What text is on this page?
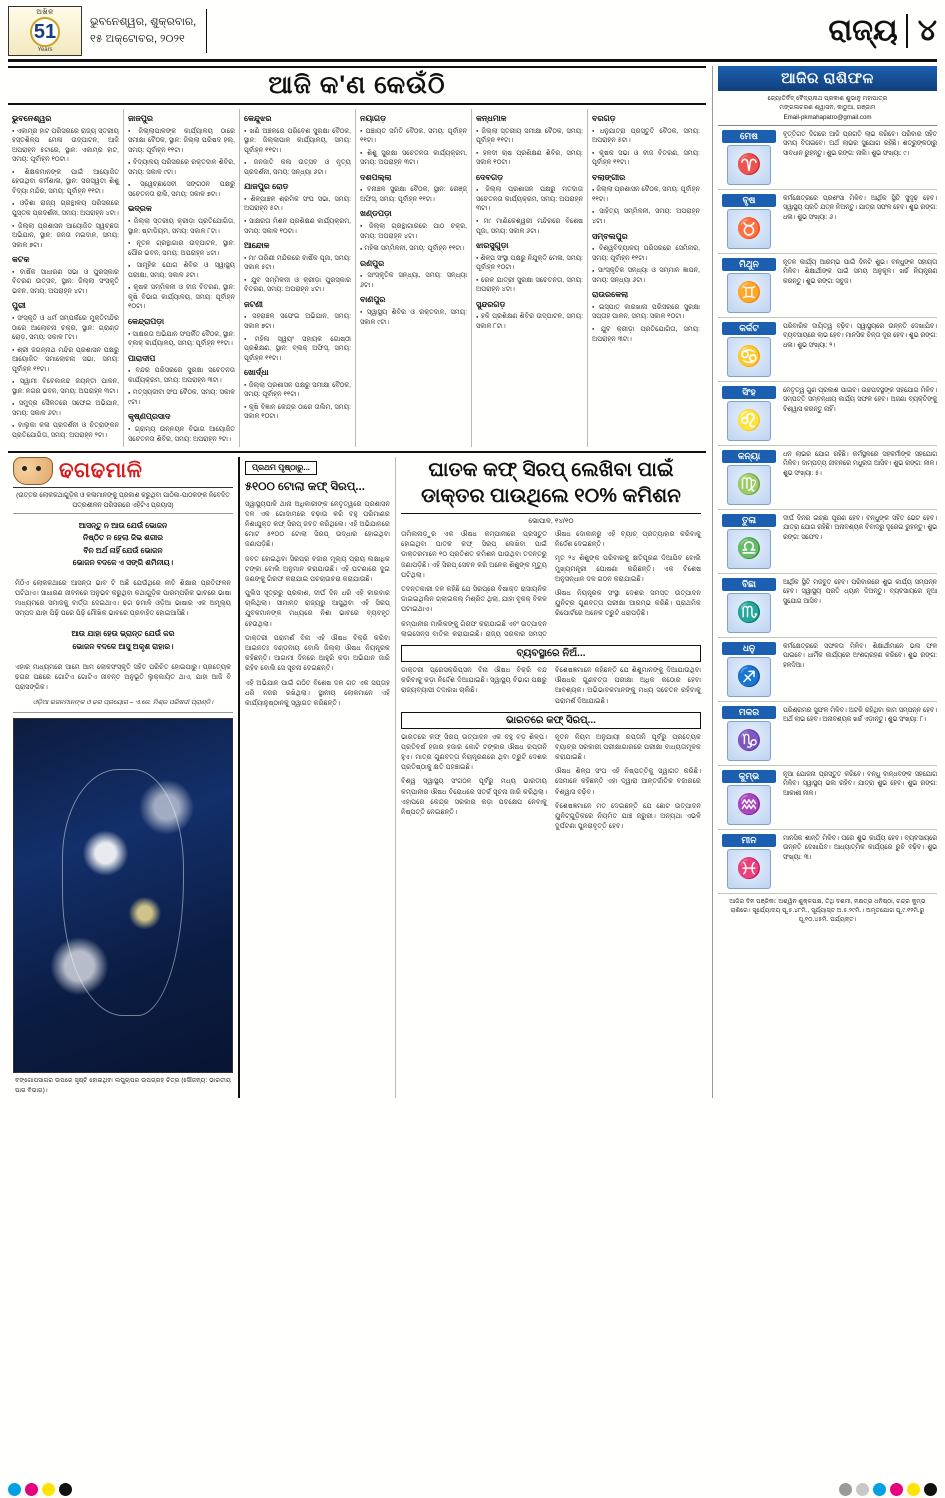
ଅଖିଳ
51
Years
ଭୁବନେଶ୍ୱର, ଶୁକ୍ରବାର,
୧୫ ଅକ୍ଟୋବର, ୨୦୨୧	ରାଜ୍ୟ ୪
ଆଜି କ'ଣ କେଉଁଠି
ଭୁବନେଶ୍ୱର
● ଏକାମ୍ର ହାଟ ପରିସରରେ ରାଜ୍ୟ ସ୍ତରୀୟ ହସ୍ତଶିଳ୍ପ ମେଳା ଉଦ୍‌ଘାଟନ, ଆଜି ଅପରାହ୍ନ ୫ଟାରେ, ସ୍ଥାନ: ଏକାମ୍ର ହାଟ, ସମୟ: ପୂର୍ବାହ୍ନ ୧୦ଟା।
● ଶିକ୍ଷକମାନଙ୍କ ପାଇଁ ଆୟୋଜିତ ହେଉଥିବା କର୍ମଶାଳା, ସ୍ଥାନ: ସରସ୍ୱତୀ ଶିଶୁ ବିଦ୍ୟା ମନ୍ଦିର, ସମୟ: ପୂର୍ବାହ୍ନ ୧୧ଟା।
● ଓଡ଼ିଶା ରାଜ୍ୟ ଗ୍ରନ୍ଥାଳୟ ପରିସରରେ ପୁସ୍ତକ ପ୍ରଦର୍ଶନୀ, ସମୟ: ଅପରାହ୍ନ ୪ଟା।
● ଜିଲ୍ଲା ପ୍ରଶାସନ ଆୟୋଜିତ ସ୍ୱଚ୍ଛତା ଅଭିଯାନ, ସ୍ଥାନ: ଜନତା ମଇଦାନ, ସମୟ: ସକାଳ ୭ଟା।
କଟକ
● ବାର୍ଷିକ ସାଧାରଣ ସଭା ଓ ପୁରସ୍କାର ବିତରଣ ଉତ୍ସବ, ସ୍ଥାନ: ଜିଲ୍ଲା ସଂସ୍କୃତି ଭବନ, ସମୟ: ଅପରାହ୍ନ ୪ଟା।
ପୁରୀ
● ସଂସ୍କୃତି ଓ ଧର୍ମ ସମ୍ପର୍କରେ ମୁକ୍ତିମନ୍ଦିର ଠାରେ ଆଲୋଚନା ଚକ୍ର, ସ୍ଥାନ: ଗ୍ରାଣ୍ଡ ରୋଡ଼, ସମୟ: ସକାଳ ୮ଟା।
● ଶ୍ରୀ ଜଗନ୍ନାଥ ମନ୍ଦିର ପ୍ରଶାସନ ପକ୍ଷରୁ ଆୟୋଜିତ ସମାଲୋଚନା ସଭା, ସମୟ: ପୂର୍ବାହ୍ନ ୧୧ଟା।
● ସ୍ୱାମୀ ବିବେକାନନ୍ଦ ଜୟନ୍ତୀ ପାଳନ, ସ୍ଥାନ: ନଗର ଭବନ, ସମୟ: ଅପରାହ୍ନ ୩ଟା।
● ସମୁଦ୍ର ସୈକତରେ ସଫେଇ ଅଭିଯାନ, ସମୟ: ସକାଳ ୬ଟା।
● ବାଲୁକା କଳା ପ୍ରଦର୍ଶନୀ ଓ ଚିତ୍ରାଙ୍କନ ପ୍ରତିଯୋଗିତା, ସମୟ: ଅପରାହ୍ନ ୨ଟା।
ଜାଜପୁର
● ଜିଲ୍ଲାପାଳଙ୍କ କାର୍ଯ୍ୟାଳୟ ଠାରେ ସମୀକ୍ଷା ବୈଠକ, ସ୍ଥାନ: ଜିଲ୍ଲା ପରିଷଦ ହଲ୍‌, ସମୟ: ପୂର୍ବାହ୍ନ ୧୧ଟା।
● ବିଦ୍ୟାଳୟ ପରିସରରେ ରକ୍ତଦାନ ଶିବିର, ସମୟ: ସକାଳ ୯ଟା।
● ସ୍ୱେଚ୍ଛାସେବୀ ସଙ୍ଗଠନ ପକ୍ଷରୁ ସଚେତନତା ରାଲି, ସମୟ: ସକାଳ ୭ଟା।
ଭଦ୍ରକ
● ଜିଲ୍ଲା ସ୍ତରୀୟ କ୍ରୀଡ଼ା ପ୍ରତିଯୋଗିତା, ସ୍ଥାନ: ଷ୍ଟାଡିୟମ, ସମୟ: ସକାଳ ୮ଟା।
● ନୂତନ ଗ୍ରନ୍ଥାଗାର ଉଦ୍‌ଘାଟନ, ସ୍ଥାନ: ପୌର ଭବନ, ସମୟ: ଅପରାହ୍ନ ୪ଟା।
● ସାମୂହିକ ଯୋଗ ଶିବିର ଓ ସ୍ୱାସ୍ଥ୍ୟ ପରୀକ୍ଷା, ସମୟ: ସକାଳ ୬ଟା।
● କୃଷକ ସମ୍ମିଳନୀ ଓ ବୀଜ ବିତରଣ, ସ୍ଥାନ: କୃଷି ବିଭାଗ କାର୍ଯ୍ୟାଳୟ, ସମୟ: ପୂର୍ବାହ୍ନ ୧୦ଟା।
କେନ୍ଦ୍ରାପଡ଼ା
● ସାକ୍ଷରତା ଅଭିଯାନ ସଂପର୍କିତ ବୈଠକ, ସ୍ଥାନ: ବ୍ଲକ୍‌ କାର୍ଯ୍ୟାଳୟ, ସମୟ: ପୂର୍ବାହ୍ନ ୧୧ଟା।
ପାରାଦୀପ
● ବନ୍ଦର ପରିସରରେ ସୁରକ୍ଷା ସଚେତନତା କାର୍ଯ୍ୟକ୍ରମ, ସମୟ: ଅପରାହ୍ନ ୩ଟା।
● ମତ୍ସ୍ୟଜୀବୀ ସଂଘ ବୈଠକ, ସମୟ: ସକାଳ ୯ଟା।
କୃଷ୍ଣପ୍ରସାଦ
● ଗ୍ରାମ୍ୟ ଉନ୍ନୟନ ବିଭାଗ ଆୟୋଜିତ ସଚେତନତା ଶିବିର, ସମୟ: ଅପରାହ୍ନ ୨ଟା।
କେନ୍ଦୁଝର
● ଖଣି ଅଞ୍ଚଳରେ ପରିବେଶ ସୁରକ୍ଷା ବୈଠକ, ସ୍ଥାନ: ଜିଲ୍ଲାପାଳ କାର୍ଯ୍ୟାଳୟ, ସମୟ: ପୂର୍ବାହ୍ନ ୧୧ଟା।
● ଜନଜାତି କଳା ଉତ୍ସବ ଓ ନୃତ୍ୟ ପ୍ରଦର୍ଶନୀ, ସମୟ: ସନ୍ଧ୍ୟା ୬ଟା।
ଯାଜପୁର ରୋଡ଼
● ଶିଳ୍ପାଞ୍ଚଳ ଶ୍ରମିକ ସଂଘ ସଭା, ସମୟ: ଅପରାହ୍ନ ୫ଟା।
● ସାକ୍ଷରତା ମିଶନ ପ୍ରଶିକ୍ଷଣ କାର୍ଯ୍ୟକ୍ରମ, ସମୟ: ସକାଳ ୧୦ଟା।
ଆନ୍ଦୋଳ
● ମା' ତାରିଣୀ ମନ୍ଦିରରେ ବାର୍ଷିକ ପୂଜା, ସମୟ: ସକାଳ ୫ଟା।
● ଯୁବ ସମ୍ମିଳନୀ ଓ କ୍ରୀଡ଼ା ପୁରସ୍କାର ବିତରଣ, ସମୟ: ଅପରାହ୍ନ ୪ଟା।
ଜଟଣୀ
● ସହରାଞ୍ଚଳ ସଫେଇ ଅଭିଯାନ, ସମୟ: ସକାଳ ୭ଟା।
● ମହିଳା ସ୍ୱୟଂ ସହାୟକ ଗୋଷ୍ଠୀ ପ୍ରଶିକ୍ଷଣ, ସ୍ଥାନ: ବ୍ଲକ୍‌ ଅଫିସ୍‌, ସମୟ: ପୂର୍ବାହ୍ନ ୧୧ଟା।
ଖୋର୍ଦ୍ଧା
● ଜିଲ୍ଲା ପ୍ରଶାସନ ପକ୍ଷରୁ ସମୀକ୍ଷା ବୈଠକ, ସମୟ: ପୂର୍ବାହ୍ନ ୧୧ଟା।
● କୃଷି ବିଜ୍ଞାନ କେନ୍ଦ୍ର ଠାରେ ତାଲିମ, ସମୟ: ସକାଳ ୧୦ଟା।
ନୟାଗଡ଼
● ପଞ୍ଚାୟତ ସମିତି ବୈଠକ, ସମୟ: ପୂର୍ବାହ୍ନ ୧୧ଟା।
● ଶିଶୁ ସୁରକ୍ଷା ସଚେତନତା କାର୍ଯ୍ୟକ୍ରମ, ସମୟ: ଅପରାହ୍ନ ୩ଟା।
ଦଶପଲ୍ଲା
● ବନାଞ୍ଚଳ ସୁରକ୍ଷା ବୈଠକ, ସ୍ଥାନ: ରେଞ୍ଜ୍‌ ଅଫିସ୍‌, ସମୟ: ପୂର୍ବାହ୍ନ ୧୧ଟା।
ଖଣ୍ଡପଡ଼ା
● ଜିଲ୍ଲା ଗ୍ରନ୍ଥାଗାରରେ ପାଠ ଚକ୍ର, ସମୟ: ଅପରାହ୍ନ ୪ଟା।
● ମହିଳା ସମ୍ମିଳନୀ, ସମୟ: ପୂର୍ବାହ୍ନ ୧୧ଟା।
ରଣପୁର
● ସାଂସ୍କୃତିକ ସନ୍ଧ୍ୟା, ସମୟ: ସନ୍ଧ୍ୟା ୬ଟା।
ବାଣପୁର
● ସ୍ୱାସ୍ଥ୍ୟ ଶିବିର ଓ ରକ୍ତଦାନ, ସମୟ: ସକାଳ ୯ଟା।
କନ୍ଧମାଳ
● ଜିଲ୍ଲା ସ୍ତରୀୟ ସମୀକ୍ଷା ବୈଠକ, ସମୟ: ପୂର୍ବାହ୍ନ ୧୧ଟା।
● ହଳଦୀ ଚାଷ ପ୍ରଶିକ୍ଷଣ ଶିବିର, ସମୟ: ସକାଳ ୧୦ଟା।
ଦେବଗଡ଼
● ଜିଲ୍ଲା ପ୍ରଶାସନ ପକ୍ଷରୁ ମତଦାତା ସଚେତନତା କାର୍ଯ୍ୟକ୍ରମ, ସମୟ: ଅପରାହ୍ନ ୩ଟା।
● ମା' ମାଣିକେଶ୍ୱରୀ ମନ୍ଦିରରେ ବିଶେଷ ପୂଜା, ସମୟ: ସକାଳ ୬ଟା।
ଝାରସୁଗୁଡ଼ା
● ଶିଳ୍ପ ସଂସ୍ଥା ପକ୍ଷରୁ ନିଯୁକ୍ତି ମେଳା, ସମୟ: ପୂର୍ବାହ୍ନ ୧୦ଟା।
● ରେଳ ଯାତ୍ରୀ ସୁରକ୍ଷା ସଚେତନତା, ସମୟ: ଅପରାହ୍ନ ୪ଟା।
ସୁନ୍ଦରଗଡ଼
● ହକି ପ୍ରଶିକ୍ଷଣ ଶିବିର ଉଦ୍‌ଘାଟନ, ସମୟ: ସକାଳ ୮ଟା।
ବରଗଡ଼
● ଧନୁଯାତ୍ରା ପ୍ରସ୍ତୁତି ବୈଠକ, ସମୟ: ଅପରାହ୍ନ ୫ଟା।
● କୃଷକ ସଭା ଓ ବୀଜ ବିତରଣ, ସମୟ: ପୂର୍ବାହ୍ନ ୧୧ଟା।
ବଲାଙ୍ଗୀର
● ଜିଲ୍ଲା ପ୍ରଶାସନ ବୈଠକ, ସମୟ: ପୂର୍ବାହ୍ନ ୧୧ଟା।
● ସାହିତ୍ୟ ସମ୍ମିଳନୀ, ସମୟ: ଅପରାହ୍ନ ୪ଟା।
ସମ୍ବଲପୁର
● ବିଶ୍ୱବିଦ୍ୟାଳୟ ପରିସରରେ ସେମିନାର, ସମୟ: ପୂର୍ବାହ୍ନ ୧୧ଟା।
● ସାଂସ୍କୃତିକ ସନ୍ଧ୍ୟା ଓ ସମ୍ମାନ ଜ୍ଞାପନ, ସମୟ: ସନ୍ଧ୍ୟା ୬ଟା।
ରାଉରକେଲା
● ଇସ୍ପାତ କାରଖାନା ପରିସରରେ ସୁରକ୍ଷା ସପ୍ତାହ ପାଳନ, ସମୟ: ସକାଳ ୧୦ଟା।
● ଯୁବ କ୍ରୀଡ଼ା ପ୍ରତିଯୋଗିତା, ସମୟ: ଅପରାହ୍ନ ୩ଟା।
ଢଗଢମାଳି
(ଉତ୍ତର ଲୋକକଥାଗୁଡ଼ିକ ଓ କଳାମାନଙ୍କୁ ପ୍ରକାଶ କରୁଥିବା ପାଠିକା-ପାଠକଙ୍କ ନିବେଦିତ ପତ୍ରଶୀଳନ ପରିସରରେ ଏହିଟିଏ ପ୍ରୟାସ)
ଆସନ୍ତୁ ନ ଆଉ ଯେଉଁ ଭୋଜନ
ନିଷ୍ଠିତ ନ ହେଲା ଜିଭ ଶରୀର
ବିନ ଅର୍ଥ ନାହିଁ ଯେଉଁ ଭୋଜନ
ଭୋଜନ ବଦଳେ ଏ ସଙ୍ଗି ଶମିନୀୟ।
ମିଠିଏ ଲୋକକଥାରେ ଆସନ୍ତା ଭାବ ଟି ଅଛି ଯେଉଁଥିରେ ନୀତି ଶିକ୍ଷାର ପ୍ରତିଫଳନ ଘଟିଥାଏ। ସାଧାରଣ ଜୀବନରେ ଅନୁଭବ କରୁଥିବା କଥାଗୁଡ଼ିକ ପାରମ୍ପରିକ ଭାବରେ ଭାଷା ମାଧ୍ୟମରେ ସମାଜକୁ ବାର୍ତ୍ତା ଦେଇଥାଏ। ଢଗ ଢମାଳି ଓଡ଼ିଆ ଭାଷାର ଏକ ଅମୂଲ୍ୟ ସମ୍ପଦ ଯାହା ପିଢ଼ି ପରେ ପିଢ଼ି ମୌଖିକ ଭାବରେ ପ୍ରବାହିତ ହୋଇଆସିଛି।
ଆଉ ଯାହା ହେଉ ଭ୍ରାନ୍ତ ଯେଉଁ କର
ଭୋଜନ ବଦଳେ ଆସୁ ଅକୃଶ ରାହାର।
ଏହାର ମାଧ୍ୟମରେ ଆମେ ଆମ ଲୋକସଂସ୍କୃତି ସହିତ ପରିଚିତ ହୋଇପାରୁ। ପ୍ରତ୍ୟେକ ଢଗର ପଛରେ ଗୋଟିଏ ଗୋଟିଏ ଜୀବନ୍ତ ଅନୁଭୂତି ଲୁକ୍କାୟିତ ଥାଏ, ଯାହା ଆଜି ବି ପ୍ରାସଙ୍ଗିକ।
ଓଡ଼ିଆ ଭଜନମାନଙ୍କ ଓ ଢଗ ପ୍ରୟୋଗ – ଏ.କେ. ମିଶ୍ର ପରିଷଦୀ ପ୍ରାଣ୍ଡି।
ବଙ୍ଗୋପସାଗର ଉପରେ ସୃଷ୍ଟି ହୋଇଥିବା ଲଘୁଚାପର ଉପଗ୍ରହ ଚିତ୍ର (ସୌଜନ୍ୟ: ଭାରତୀୟ ପାଗ ବିଭାଗ)।
ପ୍ରଥମ ପୃଷ୍ଠାରୁ...
୫୧୦୦ ଟୋଲା କଫ୍‌ ସିରପ୍‌...

ସ୍ୱାସ୍ଥ୍ୟପାଳି ଥାନା ଅଧିକାରୀଙ୍କ ନେତୃତ୍ୱରେ ପ୍ରଶାସନ ଦଳ ଏକ ଗୋଦାମରେ ଚଢ଼ାଉ କରି ବହୁ ପରିମାଣର ନିଶାଯୁକ୍ତ କଫ୍‌ ସିରପ୍‌ ଜବତ କରିଥିଲେ। ଏହି ଅଭିଯାନରେ ମୋଟ ୫୧୦୦ ଟୋଲା ସିରପ୍‌ ଉଦ୍ଧାର ହୋଇଥିବା ଜଣାପଡ଼ିଛି।

ଜବତ ହୋଇଥିବା ସିରପ୍‌ର ବଜାର ମୂଲ୍ୟ ପ୍ରାୟ ଲକ୍ଷାଧିକ ଟଙ୍କା ବୋଲି ଅନୁମାନ କରାଯାଉଛି। ଏହି ଘଟଣାରେ ଦୁଇ ଜଣଙ୍କୁ ଗିରଫ କରାଯାଇ ପଚରାଉଚରା କରାଯାଉଛି।

ପୁଲିସ ସୂତ୍ରରୁ ପ୍ରକାଶ, ଦୀର୍ଘ ଦିନ ଧରି ଏହି କାରବାର ଚାଲିଥିଲା। ସୀମାନ୍ତ ରାଜ୍ୟରୁ ଆସୁଥିବା ଏହି ସିରପ୍‌ ଯୁବକମାନଙ୍କ ମଧ୍ୟରେ ନିଶା ଭାବରେ ବ୍ୟବହୃତ ହେଉଥିଲା।

ଡାକ୍ତରୀ ପରାମର୍ଶ ବିନା ଏହି ଔଷଧ ବିକ୍ରି କରିବା ଆଇନତଃ ଦଣ୍ଡନୀୟ ବୋଲି ଜିଲ୍ଲା ଔଷଧ ନିୟନ୍ତ୍ରକ କହିଛନ୍ତି। ଆଗାମୀ ଦିନରେ ଆହୁରି କଡ଼ା ଅଭିଯାନ ଜାରି ରହିବ ବୋଲି ସେ ସୂଚନା ଦେଇଛନ୍ତି।

ଏହି ଅଭିଯାନ ପାଇଁ ଗଠିତ ବିଶେଷ ଦଳ ଗତ ଏକ ସପ୍ତାହ ଧରି ନଜର ରଖିଥିଲା। ସ୍ଥାନୀୟ ଲୋକମାନେ ଏହି କାର୍ଯ୍ୟାନୁଷ୍ଠାନକୁ ସ୍ୱାଗତ କରିଛନ୍ତି।

ଘାତକ କଫ୍‌ ସିରପ୍‌ ଲେଖିବା ପାଇଁ
ଡାକ୍ତର ପାଉଥିଲେ ୧୦% କମିଶନ
ଭୋପାଳ, ୧୪/୧୦

ତାମିଲନାଡ଼ୁର ଏକ ଔଷଧ କମ୍ପାନୀରେ ପ୍ରସ୍ତୁତ ହୋଇଥିବା ଘାତକ କଫ୍‌ ସିରପ୍‌ ଲେଖିବା ପାଇଁ ଡାକ୍ତରମାନେ ୧୦ ପ୍ରତିଶତ କମିଶନ ପାଉଥିବା ତଦନ୍ତରୁ ଜଣାପଡ଼ିଛି। ଏହି ସିରପ୍‌ ସେବନ କରି ଅନେକ ଶିଶୁଙ୍କ ମୃତ୍ୟୁ ଘଟିଥିଲା।

ତଦନ୍ତକାରୀ ଦଳ କହିଛି ଯେ ସିରପ୍‌ରେ ବିଷାକ୍ତ ରାସାୟନିକ ଡାଇଇଥିଲିନ ଗ୍ଲାଇକଲ୍‌ ମିଶ୍ରିତ ଥିଲା, ଯାହା ବୃକକ୍‌ ବିକଳ ଘଟାଇଥାଏ।

କମ୍ପାନୀର ମାଲିକଙ୍କୁ ଗିରଫ କରାଯାଇଛି ଏବଂ ଉତ୍ପାଦନ ଲାଇସେନ୍ସ ବାତିଲ କରାଯାଇଛି। ରାଜ୍ୟ ସରକାର ସମସ୍ତ ଔଷଧ ଦୋକାନରୁ ଏହି ବ୍ୟାଚ୍‌ ପ୍ରତ୍ୟାହାର କରିବାକୁ ନିର୍ଦ୍ଦେଶ ଦେଇଛନ୍ତି।

ମୃତ ୨୪ ଶିଶୁଙ୍କ ପରିବାରକୁ କ୍ଷତିପୂରଣ ଦିଆଯିବ ବୋଲି ମୁଖ୍ୟମନ୍ତ୍ରୀ ଘୋଷଣା କରିଛନ୍ତି। ଏକ ବିଶେଷ ଅନୁସନ୍ଧାନ ଦଳ ଗଠନ କରାଯାଇଛି।

ଔଷଧ ନିୟନ୍ତ୍ରକ ସଂସ୍ଥା ଦେଶର ସମସ୍ତ ଉତ୍ପାଦନ ୟୁନିଟ୍‌ର ଗୁଣବତ୍ତା ପରୀକ୍ଷା ଆରମ୍ଭ କରିଛି। ପ୍ରାଥମିକ ରିପୋର୍ଟରେ ଅନେକ ତ୍ରୁଟି ଧରାପଡ଼ିଛି।

ବ୍ୟବସ୍ଥାରେ ନିଅଁ...

ଡାକ୍ତରୀ ପ୍ରେସକ୍ରିପ୍‌ସନ ବିନା ଔଷଧ ବିକ୍ରି ବନ୍ଦ କରିବାକୁ କଡ଼ା ନିର୍ଦ୍ଦେଶ ଦିଆଯାଇଛି। ସ୍ୱାସ୍ଥ୍ୟ ବିଭାଗ ପକ୍ଷରୁ ରାଜ୍ୟବ୍ୟାପୀ ତଦାରଖ ଚାଲିଛି।

ବିଶେଷଜ୍ଞମାନେ କହିଛନ୍ତି ଯେ ଶିଶୁମାନଙ୍କୁ ଦିଆଯାଉଥିବା ଔଷଧର ଗୁଣବତ୍ତା ପରୀକ୍ଷା ଅଧିକ କଠୋର ହେବା ଆବଶ୍ୟକ। ଅଭିଭାବକମାନଙ୍କୁ ମଧ୍ୟ ସଚେତନ ରହିବାକୁ ପରାମର୍ଶ ଦିଆଯାଇଛି।

ଭାରତରେ କଫ୍‌ ସିରପ୍‌...

ଭାରତରେ କଫ୍‌ ସିରପ୍‌ ଉତ୍ପାଦନ ଏକ ବହୁ ବଡ଼ ଶିଳ୍ପ। ପ୍ରତିବର୍ଷ ହଜାର ହଜାର କୋଟି ଟଙ୍କାର ଔଷଧ ରପ୍ତାନି ହୁଏ। ମାତ୍ର ଗୁଣବତ୍ତା ନିୟନ୍ତ୍ରଣରେ ଥିବା ତ୍ରୁଟି ଦେଶର ପ୍ରତିଷ୍ଠାକୁ କ୍ଷତି ପହଞ୍ଚାଇଛି।

ବିଶ୍ୱ ସ୍ୱାସ୍ଥ୍ୟ ସଂଗଠନ ପୂର୍ବରୁ ମଧ୍ୟ ଭାରତୀୟ କମ୍ପାନୀର ଔଷଧ ବିରୋଧରେ ସତର୍କ ସୂଚନା ଜାରି କରିଥିଲା। ଏହାପରେ କେନ୍ଦ୍ର ସରକାର କଡ଼ା ପଦକ୍ଷେପ ନେବାକୁ ନିଷ୍ପତ୍ତି ନେଇଛନ୍ତି।

ନୂତନ ନିୟମ ଅନୁଯାୟୀ ରପ୍ତାନି ପୂର୍ବରୁ ପ୍ରତ୍ୟେକ ବ୍ୟାଚ୍‌ର ସରକାରୀ ପରୀକ୍ଷାଗାରରେ ପରୀକ୍ଷା ବାଧ୍ୟତାମୂଳକ କରାଯାଇଛି।

ଔଷଧ ଶିଳ୍ପ ସଂଘ ଏହି ନିଷ୍ପତ୍ତିକୁ ସ୍ୱାଗତ କରିଛି। ସେମାନେ କହିଛନ୍ତି ଏହା ଦ୍ୱାରା ଆନ୍ତର୍ଜାତିକ ବଜାରରେ ବିଶ୍ୱାସ ବଢ଼ିବ।

ବିଶେଷଜ୍ଞମାନେ ମତ ଦେଇଛନ୍ତି ଯେ ଛୋଟ ଉତ୍ପାଦନ ୟୁନିଟ୍‌ଗୁଡ଼ିକରେ ନିୟମିତ ଯାଞ୍ଚ ଜରୁରୀ। ଅନ୍ୟଥା ଏଭଳି ଦୁର୍ଘଟଣା ପୁନରାବୃତ୍ତି ହେବ।

ଆଜିର ରାଶିଫଳ
ଜ୍ୟୋତିର୍ବିଦ୍‌ ବୈଦ୍ୟନାଥ ପ୍ରକାଶ ଶୁଭାନୁ ମହାପାତ୍ର
ମଙ୍ଗଳାଚରଣ ଶ୍ୱାସନ, କାଠୁଆ, ଗଞ୍ଜାମ
Email-pkmahapatro@gmail.com
ମେଷ
♈
ବୃତ୍ତିଗତ ଦିଗରେ ଆଜି ପ୍ରଗତି ଲାଭ କରିବେ। ପରିବାର ସହିତ ସମୟ ବିତାଇବେ। ଅର୍ଥ ଲାଭର ସୁଯୋଗ ରହିଛି। ଶତ୍ରୁଙ୍କଠାରୁ ସାବଧାନ ରୁହନ୍ତୁ। ଶୁଭ ରଙ୍ଗ: ନାଲି। ଶୁଭ ସଂଖ୍ୟା: ୯।
ବୃଷ
♉
କର୍ମକ୍ଷେତ୍ରରେ ପ୍ରଶଂସା ମିଳିବ। ଆର୍ଥିକ ସ୍ଥିତି ସୁଦୃଢ଼ ହେବ। ସ୍ୱାସ୍ଥ୍ୟ ପ୍ରତି ଯତ୍ନ ନିଅନ୍ତୁ। ଯାତ୍ରା ସଫଳ ହେବ। ଶୁଭ ରଙ୍ଗ: ଧଳା। ଶୁଭ ସଂଖ୍ୟା: ୬।
ମିଥୁନ
♊
ନୂତନ କାର୍ଯ୍ୟ ଆରମ୍ଭ ପାଇଁ ଦିନଟି ଶୁଭ। ବନ୍ଧୁଙ୍କ ସହାୟତା ମିଳିବ। ଶିକ୍ଷାର୍ଥୀଙ୍କ ପାଇଁ ସମୟ ଅନୁକୂଳ। ଖର୍ଚ୍ଚ ନିୟନ୍ତ୍ରଣ କରନ୍ତୁ। ଶୁଭ ରଙ୍ଗ: ସବୁଜ।
କର୍କଟ
♋
ପରିବାରିକ ଦାୟିତ୍ୱ ବଢ଼ିବ। ସ୍ୱାସ୍ଥ୍ୟରେ ଉନ୍ନତି ଦେଖାଯିବ। ବ୍ୟବସାୟରେ ଲାଭ ହେବ। ମାନସିକ ଚିନ୍ତା ଦୂର ହେବ। ଶୁଭ ରଙ୍ଗ: ଧଳା। ଶୁଭ ସଂଖ୍ୟା: ୨।
ସିଂହ
♌
ନେତୃତ୍ୱ ଗୁଣ ପ୍ରକାଶ ପାଇବ। ଉଚ୍ଚପଦସ୍ଥଙ୍କ ସହଯୋଗ ମିଳିବ। ସମ୍ପତ୍ତି ସମ୍ବନ୍ଧୀୟ କାର୍ଯ୍ୟ ସଫଳ ହେବ। ଅଜଣା ବ୍ୟକ୍ତିଙ୍କୁ ବିଶ୍ୱାସ କରନ୍ତୁ ନାହିଁ।
କନ୍ୟା
♍
ଧନ ଲାଭର ଯୋଗ ରହିଛି। କର୍ମସ୍ଥଳରେ ସହକର୍ମୀଙ୍କ ସହଯୋଗ ମିଳିବ। ଦାମ୍ପତ୍ୟ ଜୀବନରେ ମଧୁରତା ଆସିବ। ଶୁଭ ରଙ୍ଗ: ନୀଳ। ଶୁଭ ସଂଖ୍ୟା: ୫।
ତୁଳା
♎
ଦୀର୍ଘ ଦିନର ଇଚ୍ଛା ପୂରଣ ହେବ। ବନ୍ଧୁଙ୍କ ସହିତ ଭେଟ ହେବ। ଯାତ୍ରା ଯୋଗ ରହିଛି। ଅନାବଶ୍ୟକ ବିବାଦରୁ ଦୂରେଇ ରୁହନ୍ତୁ। ଶୁଭ ରଙ୍ଗ: ସଫେଦ।
ବିଛା
♏
ଆର୍ଥିକ ସ୍ଥିତି ମଜବୁତ ହେବ। ପରିବାରରେ ଶୁଭ କାର୍ଯ୍ୟ ସମ୍ପନ୍ନ ହେବ। ସ୍ୱାସ୍ଥ୍ୟ ପ୍ରତି ଧ୍ୟାନ ଦିଅନ୍ତୁ। ବ୍ୟବସାୟରେ ନୂଆ ସୁଯୋଗ ଆସିବ।
ଧନୁ
♐
କର୍ମକ୍ଷେତ୍ରରେ ସଫଳତା ମିଳିବ। ଶିକ୍ଷାର୍ଥୀମାନେ ଭଲ ଫଳ ପାଇବେ। ଧାର୍ମିକ କାର୍ଯ୍ୟରେ ଅଂଶଗ୍ରହଣ କରିବେ। ଶୁଭ ରଙ୍ଗ: ହଳଦିଆ।
ମକର
♑
ପରିଶ୍ରମର ସୁଫଳ ମିଳିବ। ଅଟକି ରହିଥିବା କାମ ସମ୍ପନ୍ନ ହେବ। ଅର୍ଥ ଲାଭ ହେବ। ଅନାବଶ୍ୟକ ଖର୍ଚ୍ଚ ଏଡ଼ାନ୍ତୁ। ଶୁଭ ସଂଖ୍ୟା: ୮।
କୁମ୍ଭ
♒
ନୂଆ ଯୋଜନା ପ୍ରସ୍ତୁତ କରିବେ। ବନ୍ଧୁ ବାନ୍ଧବଙ୍କ ସହଯୋଗ ମିଳିବ। ସ୍ୱାସ୍ଥ୍ୟ ଭଲ ରହିବ। ଯାତ୍ରା ଶୁଭ ହେବ। ଶୁଭ ରଙ୍ଗ: ଆକାଶୀ ନୀଳ।
ମୀନ
♓
ମାନସିକ ଶାନ୍ତି ମିଳିବ। ଘରେ ଶୁଭ କାର୍ଯ୍ୟ ହେବ। ବ୍ୟବସାୟରେ ଉନ୍ନତି ଦେଖାଯିବ। ଆଧ୍ୟାତ୍ମିକ କାର୍ଯ୍ୟରେ ରୁଚି ବଢ଼ିବ। ଶୁଭ ସଂଖ୍ୟା: ୩।
ଆଜିର ଦିନ ପଞ୍ଜିକା: ଅଶ୍ୱିନ ଶୁକ୍ଳପକ୍ଷ, ତିଥି ଦଶମୀ, ନକ୍ଷତ୍ର ଧନିଷ୍ଠା, ଚନ୍ଦ୍ର କୁମ୍ଭ ରାଶିରେ। ସୂର୍ଯ୍ୟୋଦୟ ପୂ.୫.୪୮ମି., ସୂର୍ଯ୍ୟାସ୍ତ ଅ.୫.୨୯ମି.। ଅମୃତଯୋଗ ପୂ.୯.୧୨ମି.ରୁ ପୂ.୧୦.୪୫ମି. ପର୍ଯ୍ୟନ୍ତ।
